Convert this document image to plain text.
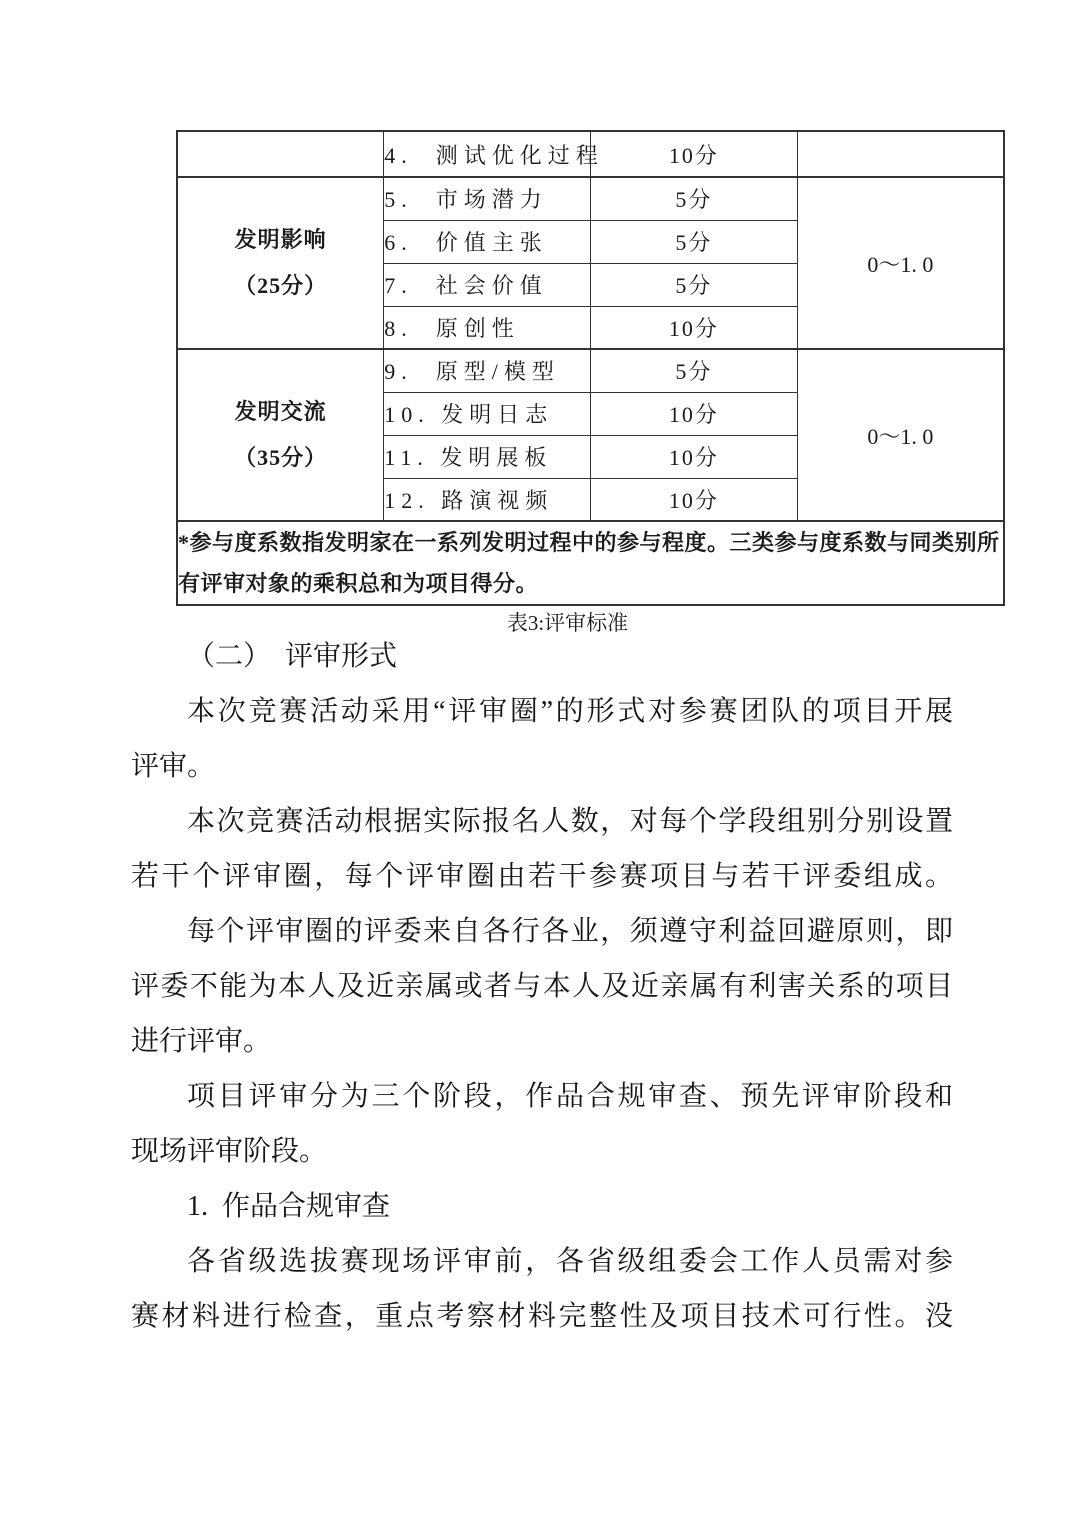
	4.  测试优化过程	10分	

发明影响
（25分）	5.  市场潜力	5分	0～1. 0
	6.  价值主张	5分	
	7.  社会价值	5分	
	8.  原创性	10分	

发明交流
（35分）	9.  原型/模型	5分	0～1. 0
	10. 发明日志	10分	
	11. 发明展板	10分	
	12. 路演视频	10分	

*参与度系数指发明家在一系列发明过程中的参与程度。三类参与度系数与同类别所
有评审对象的乘积总和为项目得分。			
表3:评审标准
（二）　评审形式
本次竞赛活动采用“评审圈”的形式对参赛团队的项目开展
评审。
本次竞赛活动根据实际报名人数，对每个学段组别分别设置
若干个评审圈，每个评审圈由若干参赛项目与若干评委组成。
每个评审圈的评委来自各行各业，须遵守利益回避原则，即
评委不能为本人及近亲属或者与本人及近亲属有利害关系的项目
进行评审。
项目评审分为三个阶段，作品合规审查、预先评审阶段和
现场评审阶段。
1.  作品合规审查
各省级选拔赛现场评审前，各省级组委会工作人员需对参
赛材料进行检查，重点考察材料完整性及项目技术可行性。没
